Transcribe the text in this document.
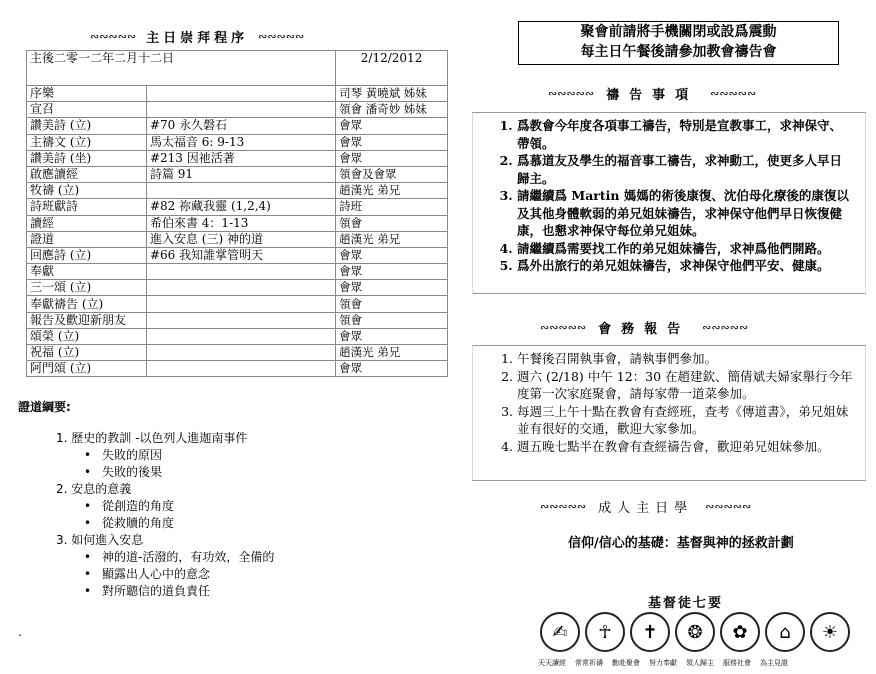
∾∾∾∾∾ 主日崇拜程序 ∾∾∾∾∾
主後二零一二年二月十二日		2/12/2012
序樂		司琴 黃曉斌 姊妹
宣召		領會 潘奇妙 姊妹
讚美詩 (立)	#70 永久磐石	會眾
主禱文 (立)	馬太福音 6: 9-13	會眾
讚美詩 (坐)	#213 因祂活著	會眾
啟應讀經	詩篇 91	領會及會眾
牧禱 (立)		趙漢光 弟兄
詩班獻詩	#82 祢藏我靈 (1,2,4)	詩班
讀經	希伯來書 4：1-13	領會
證道	進入安息 (三) 神的道	趙漢光 弟兄
回應詩 (立)	#66 我知誰掌管明天	會眾
奉獻		會眾
三一頌 (立)		會眾
奉獻禱告 (立)		領會
報告及歡迎新朋友		領會
頌榮 (立)		會眾
祝福 (立)		趙漢光 弟兄
阿門頌 (立)		會眾
證道綱要:
1. 歷史的教訓 -以色列人進迦南事件
• 失敗的原因
• 失敗的後果
2. 安息的意義
• 從創造的角度
• 從救贖的角度
3. 如何進入安息
• 神的道-活潑的，有功效，全備的
• 顯露出人心中的意念
• 對所聽信的道負責任
.
聚會前請將手機關閉或設爲震動
每主日午餐後請參加教會禱告會
∾∾∾∾∾ 禱告事項 ∾∾∾∾∾
1. 爲教會今年度各項事工禱告，特別是宣教事工，求神保守、帶領。
2. 爲慕道友及學生的福音事工禱告，求神動工，使更多人早日歸主。
3. 請繼續爲 Martin 媽媽的術後康復、沈伯母化療後的康復以及其他身體軟弱的弟兄姐妹禱告，求神保守他們早日恢復健康，也懇求神保守每位弟兄姐妹。
4. 請繼續爲需要找工作的弟兄姐妹禱告，求神爲他們開路。
5. 爲外出旅行的弟兄姐妹禱告，求神保守他們平安、健康。
∾∾∾∾∾ 會務報告 ∾∾∾∾∾
1. 午餐後召開執事會，請執事們參加。
2. 週六 (2/18) 中午 12：30 在趙建欽、簡倩斌夫婦家舉行今年度第一次家庭聚會，請每家帶一道菜參加。
3. 每週三上午十點在教會有查經班，查考《傳道書》，弟兄姐妹並有很好的交通，歡迎大家參加。
4. 週五晚七點半在教會有查經禱告會，歡迎弟兄姐妹參加。
∾∾∾∾∾ 成人主日學 ∾∾∾∾∾
信仰/信心的基礎：基督與神的拯救計劃
基督徒七要
✍	☥	✝	❂	✿	⌂	☀
天天讀經 常常祈禱 勤赴聚會 努力奉獻 領人歸主 服務社會 為主見證
